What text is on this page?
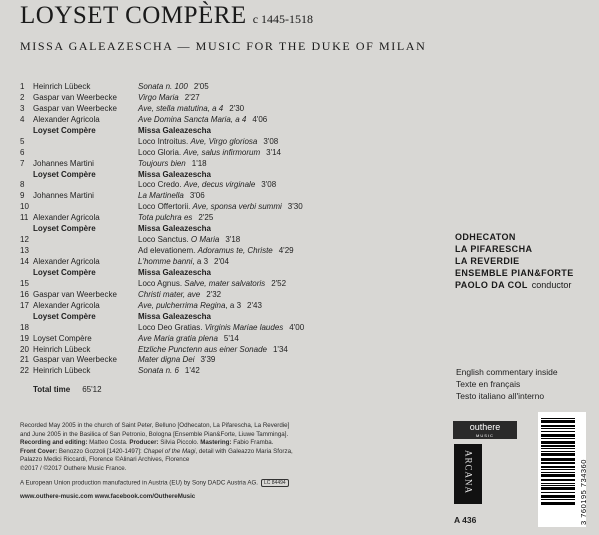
LOYSET COMPÈRE c 1445-1518
MISSA GALEAZESCHA — MUSIC FOR THE DUKE OF MILAN
1	Heinrich Lübeck	Sonata n. 100 2'05
2	Gaspar van Weerbecke	Virgo Maria 2'27
3	Gaspar van Weerbecke	Ave, stella matutina, a 4 2'30
4	Alexander Agricola	Ave Domina Sancta Maria, a 4 4'06
Loyset Compère	Missa Galeazescha
5	Loco Introitus. Ave, Virgo gloriosa 3'08
6	Loco Gloria. Ave, salus infirmorum 3'14
7	Johannes Martini	Toujours bien 1'18
Loyset Compère	Missa Galeazescha
8	Loco Credo. Ave, decus virginale 3'08
9	Johannes Martini	La Martinella 3'06
10	Loco Offertorii. Ave, sponsa verbi summi 3'30
11 Alexander Agricola	Tota pulchra es 2'25
Loyset Compère	Missa Galeazescha
12	Loco Sanctus. O Maria 3'18
13	Ad elevationem. Adoramus te, Christe 4'29
14 Alexander Agricola	L'homme banni, a 3 2'04
Loyset Compère	Missa Galeazescha
15	Loco Agnus. Salve, mater salvatoris 2'52
16 Gaspar van Weerbecke	Christi mater, ave 2'32
17 Alexander Agricola	Ave, pulcherrima Regina, a 3 2'43
Loyset Compère	Missa Galeazescha
18	Loco Deo Gratias. Virginis Mariae laudes 4'00
19 Loyset Compère	Ave Maria gratia plena 5'14
20 Heinrich Lübeck	Etzliche Punctenn aus einer Sonade 1'34
21 Gaspar van Weerbecke	Mater digna Dei 3'39
22 Heinrich Lübeck	Sonata n. 6 1'42
Total time 65'12
ODHECATON
LA PIFARESCHA
LA REVERDIE
ENSEMBLE PIAN&FORTE
PAOLO DA COL conductor
English commentary inside
Texte en français
Testo italiano all'interno

Recorded May 2005 in the church of Saint Peter, Belluno [Odhecaton, La Pifarescha, La Reverdie]

and June 2005 in the Basilica of San Petronio, Bologna [Ensemble Pian&Forte, Liuwe Tamminga].

Recording and editing: Matteo Costa. Producer: Silvia Piccolo. Mastering: Fabio Framba.

Front Cover: Benozzo Gozzoli [1420-1497]: Chapel of the Magi, detail with Galeazzo Maria Sforza,

Palazzo Medici Riccardi, Florence ©Alinari Archives, Florence

℗2017 / ©2017 Outhere Music France.

A European Union production manufactured in Austria (EU) by Sony DADC Austria AG. LC 84494

www.outhere-music.com www.facebook.com/OuthereMusic

outhere
MUSIC
ARCANA
A 436	3 760195 734360
